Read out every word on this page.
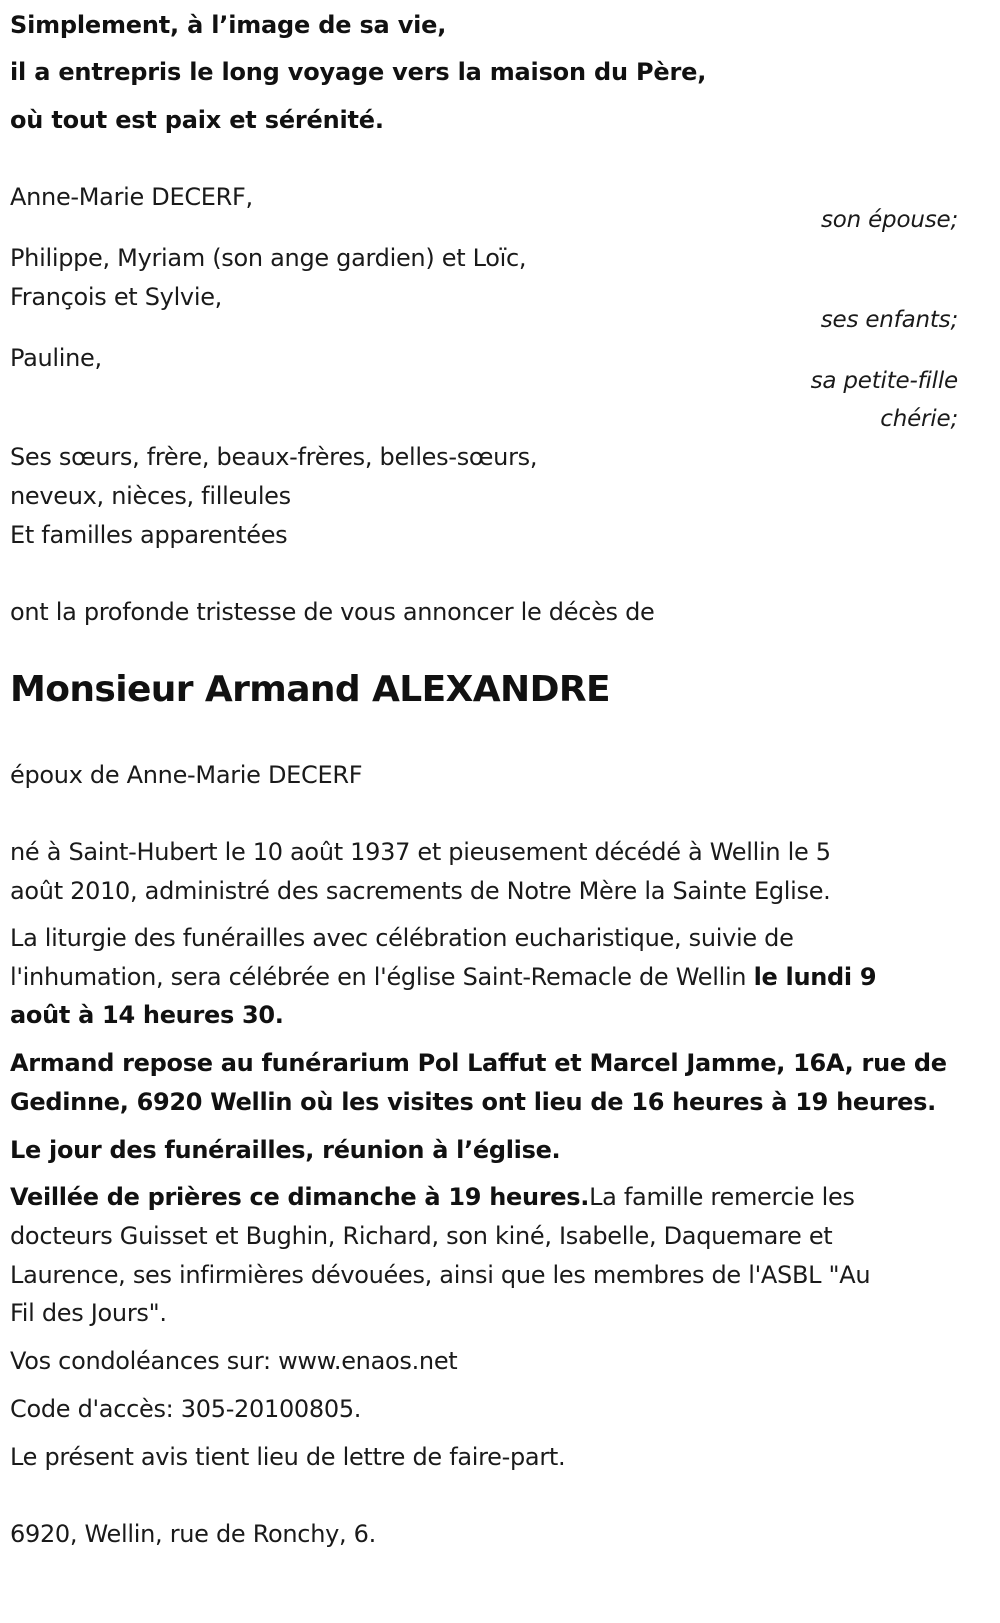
Simplement, à l’image de sa vie,
il a entrepris le long voyage vers la maison du Père,
où tout est paix et sérénité.
Anne-Marie DECERF,
son épouse;
Philippe, Myriam (son ange gardien) et Loïc,
François et Sylvie,
ses enfants;
Pauline,
sa petite-fille
chérie;
Ses sœurs, frère, beaux-frères, belles-sœurs,
neveux, nièces, filleules
Et familles apparentées
ont la profonde tristesse de vous annoncer le décès de
Monsieur Armand ALEXANDRE
époux de Anne-Marie DECERF
né à Saint-Hubert le 10 août 1937 et pieusement décédé à Wellin le 5
août 2010, administré des sacrements de Notre Mère la Sainte Eglise.
La liturgie des funérailles avec célébration eucharistique, suivie de
l'inhumation, sera célébrée en l'église Saint-Remacle de Wellin le lundi 9
août à 14 heures 30.
Armand repose au funérarium Pol Laffut et Marcel Jamme, 16A, rue de
Gedinne, 6920 Wellin où les visites ont lieu de 16 heures à 19 heures.
Le jour des funérailles, réunion à l’église.
Veillée de prières ce dimanche à 19 heures.La famille remercie les
docteurs Guisset et Bughin, Richard, son kiné, Isabelle, Daquemare et
Laurence, ses infirmières dévouées, ainsi que les membres de l'ASBL "Au
Fil des Jours".
Vos condoléances sur: www.enaos.net
Code d'accès: 305-20100805.
Le présent avis tient lieu de lettre de faire-part.
6920, Wellin, rue de Ronchy, 6.
